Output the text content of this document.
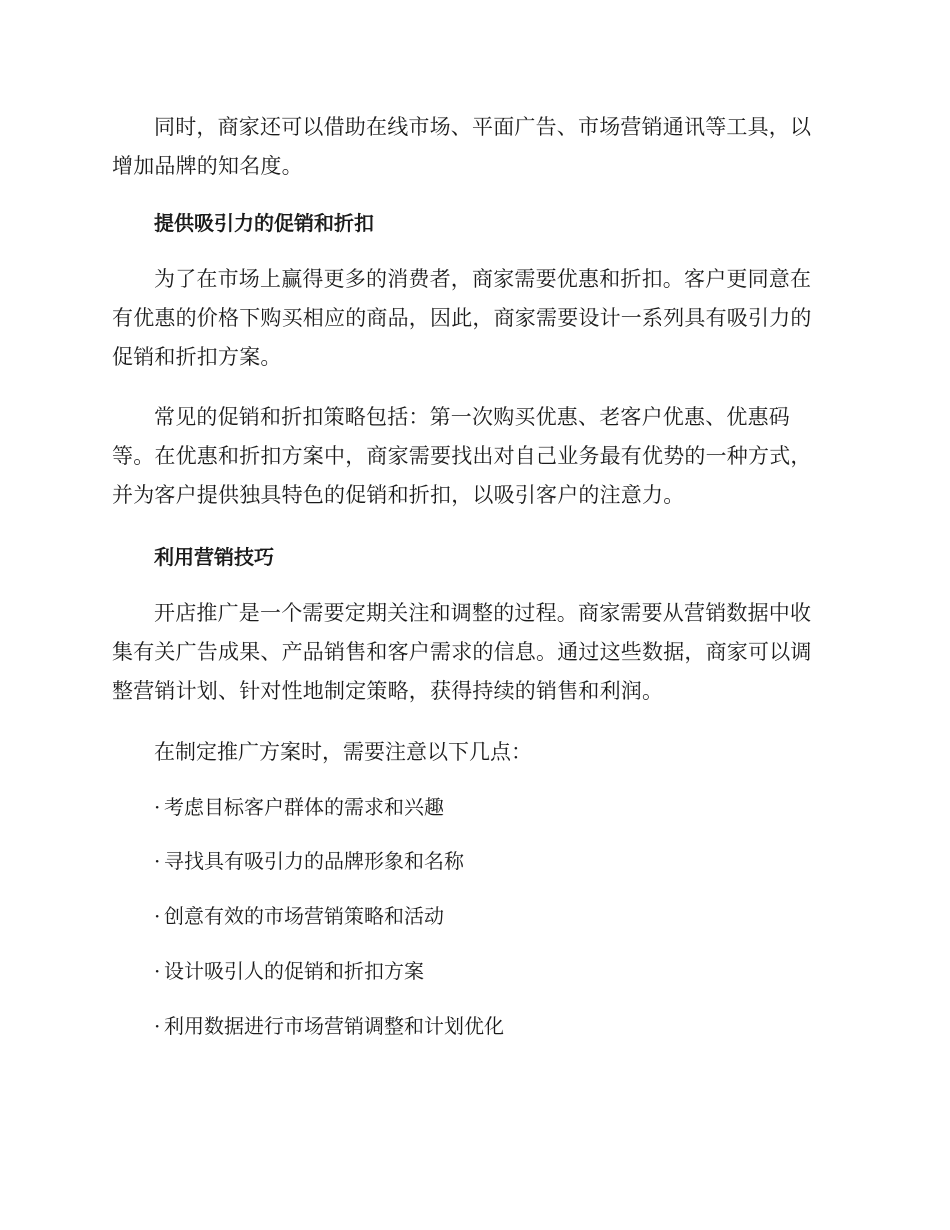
同时，商家还可以借助在线市场、平面广告、市场营销通讯等工具，以增加品牌的知名度。

提供吸引力的促销和折扣

为了在市场上赢得更多的消费者，商家需要优惠和折扣。客户更同意在有优惠的价格下购买相应的商品，因此，商家需要设计一系列具有吸引力的促销和折扣方案。

常见的促销和折扣策略包括：第一次购买优惠、老客户优惠、优惠码等。在优惠和折扣方案中，商家需要找出对自己业务最有优势的一种方式，并为客户提供独具特色的促销和折扣，以吸引客户的注意力。

利用营销技巧

开店推广是一个需要定期关注和调整的过程。商家需要从营销数据中收集有关广告成果、产品销售和客户需求的信息。通过这些数据，商家可以调整营销计划、针对性地制定策略，获得持续的销售和利润。

在制定推广方案时，需要注意以下几点：

· 考虑目标客户群体的需求和兴趣
· 寻找具有吸引力的品牌形象和名称
· 创意有效的市场营销策略和活动
· 设计吸引人的促销和折扣方案
· 利用数据进行市场营销调整和计划优化
